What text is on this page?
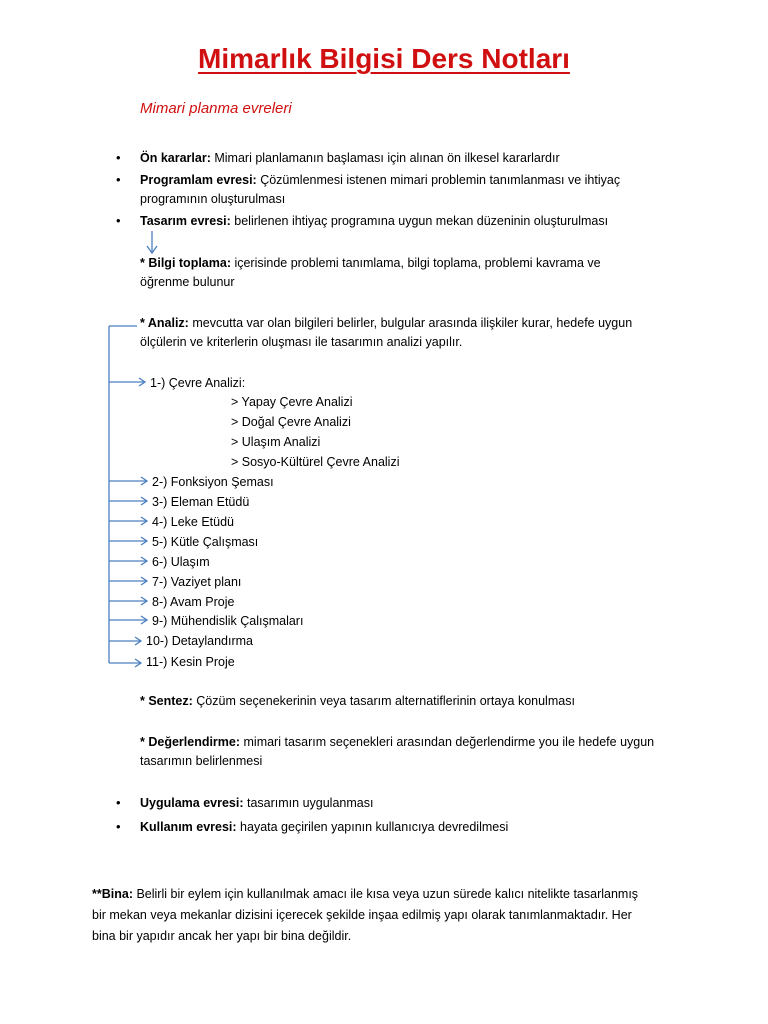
Mimarlık Bilgisi Ders Notları
Mimari planma evreleri
• Ön kararlar: Mimari planlamanın başlaması için alınan ön ilkesel kararlardır
• Programlam evresi: Çözümlenmesi istenen mimari problemin tanımlanması ve ihtiyaç
programının oluşturulması
• Tasarım evresi: belirlenen ihtiyaç programına uygun mekan düzeninin oluşturulması
* Bilgi toplama: içerisinde problemi tanımlama, bilgi toplama, problemi kavrama ve
öğrenme bulunur
* Analiz: mevcutta var olan bilgileri belirler, bulgular arasında ilişkiler kurar, hedefe uygun
ölçülerin ve kriterlerin oluşması ile tasarımın analizi yapılır.
1-) Çevre Analizi:
> Yapay Çevre Analizi
> Doğal Çevre Analizi
> Ulaşım Analizi
> Sosyo-Kültürel Çevre Analizi
2-) Fonksiyon Şeması
3-) Eleman Etüdü
4-) Leke Etüdü
5-) Kütle Çalışması
6-) Ulaşım
7-) Vaziyet planı
8-) Avam Proje
9-) Mühendislik Çalışmaları
10-) Detaylandırma
11-) Kesin Proje
* Sentez: Çözüm seçenekerinin veya tasarım alternatiflerinin ortaya konulması
* Değerlendirme: mimari tasarım seçenekleri arasından değerlendirme you ile hedefe uygun
tasarımın belirlenmesi
• Uygulama evresi: tasarımın uygulanması
• Kullanım evresi: hayata geçirilen yapının kullanıcıya devredilmesi
**Bina: Belirli bir eylem için kullanılmak amacı ile kısa veya uzun sürede kalıcı nitelikte tasarlanmış
bir mekan veya mekanlar dizisini içerecek şekilde inşaa edilmiş yapı olarak tanımlanmaktadır. Her
bina bir yapıdır ancak her yapı bir bina değildir.
